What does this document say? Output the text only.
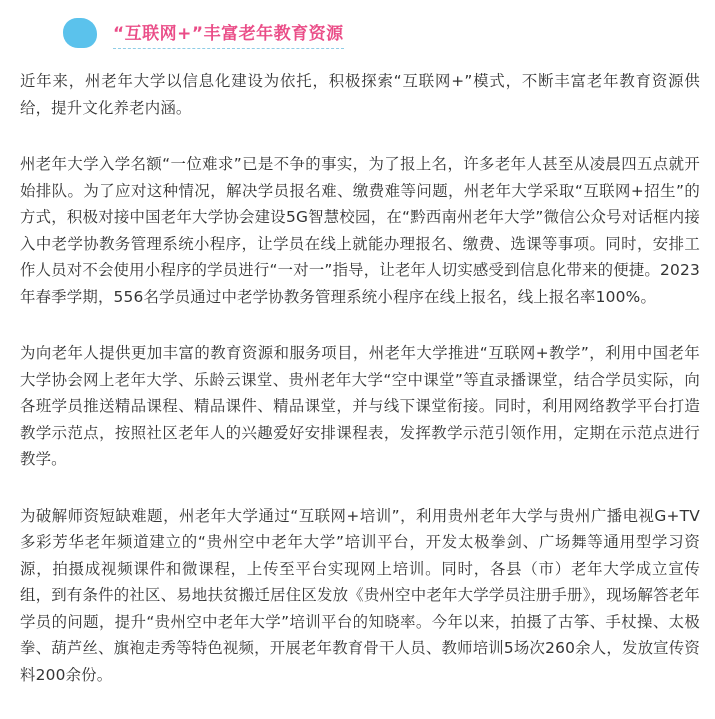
“互联网+”丰富老年教育资源

近年来，州老年大学以信息化建设为依托，积极探索“互联网+”模式，不断丰富老年教育资源供给，提升文化养老内涵。

州老年大学入学名额“一位难求”已是不争的事实，为了报上名，许多老年人甚至从凌晨四五点就开始排队。为了应对这种情况，解决学员报名难、缴费难等问题，州老年大学采取“互联网+招生”的方式，积极对接中国老年大学协会建设5G智慧校园，在“黔西南州老年大学”微信公众号对话框内接入中老学协教务管理系统小程序，让学员在线上就能办理报名、缴费、选课等事项。同时，安排工作人员对不会使用小程序的学员进行“一对一”指导，让老年人切实感受到信息化带来的便捷。2023年春季学期，556名学员通过中老学协教务管理系统小程序在线上报名，线上报名率100%。

为向老年人提供更加丰富的教育资源和服务项目，州老年大学推进“互联网+教学”，利用中国老年大学协会网上老年大学、乐龄云课堂、贵州老年大学“空中课堂”等直录播课堂，结合学员实际，向各班学员推送精品课程、精品课件、精品课堂，并与线下课堂衔接。同时，利用网络教学平台打造教学示范点，按照社区老年人的兴趣爱好安排课程表，发挥教学示范引领作用，定期在示范点进行教学。

为破解师资短缺难题，州老年大学通过“互联网+培训”，利用贵州老年大学与贵州广播电视G+TV多彩芳华老年频道建立的“贵州空中老年大学”培训平台，开发太极拳剑、广场舞等通用型学习资源，拍摄成视频课件和微课程，上传至平台实现网上培训。同时，各县（市）老年大学成立宣传组，到有条件的社区、易地扶贫搬迁居住区发放《贵州空中老年大学学员注册手册》，现场解答老年学员的问题，提升“贵州空中老年大学”培训平台的知晓率。今年以来，拍摄了古筝、手杖操、太极拳、葫芦丝、旗袍走秀等特色视频，开展老年教育骨干人员、教师培训5场次260余人，发放宣传资料200余份。
